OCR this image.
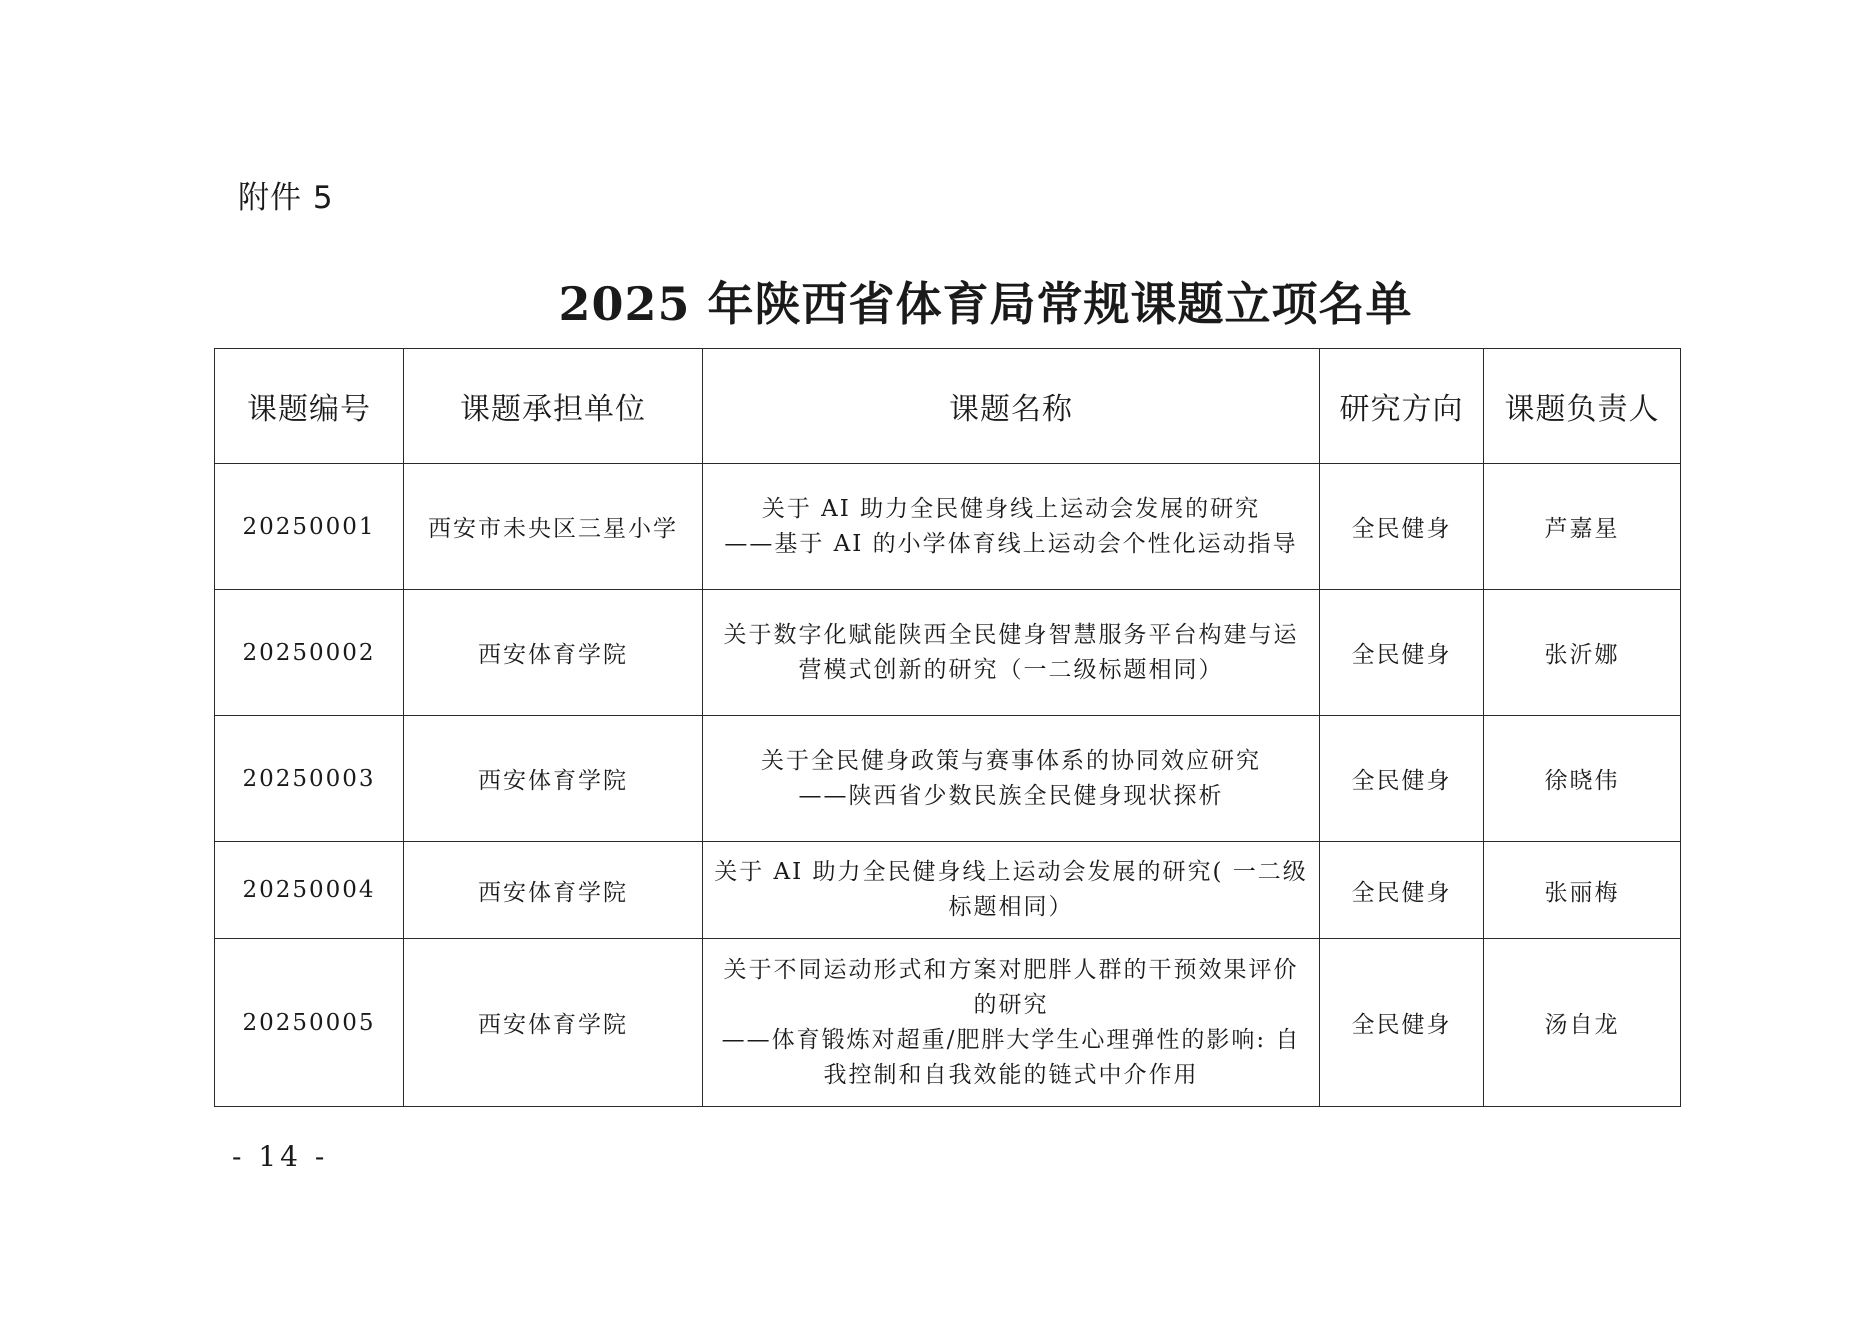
附件 5
2025 年陕西省体育局常规课题立项名单
课题编号	课题承担单位	课题名称	研究方向	课题负责人
20250001	西安市未央区三星小学	关于 AI 助力全民健身线上运动会发展的研究
——基于 AI 的小学体育线上运动会个性化运动指导	全民健身	芦嘉星
20250002	西安体育学院	关于数字化赋能陕西全民健身智慧服务平台构建与运
营模式创新的研究（一二级标题相同）	全民健身	张沂娜
20250003	西安体育学院	关于全民健身政策与赛事体系的协同效应研究
——陕西省少数民族全民健身现状探析	全民健身	徐晓伟
20250004	西安体育学院	关于 AI 助力全民健身线上运动会发展的研究( 一二级
标题相同）	全民健身	张丽梅
20250005	西安体育学院	关于不同运动形式和方案对肥胖人群的干预效果评价
的研究
——体育锻炼对超重/肥胖大学生心理弹性的影响: 自
我控制和自我效能的链式中介作用	全民健身	汤自龙
- 14 -
